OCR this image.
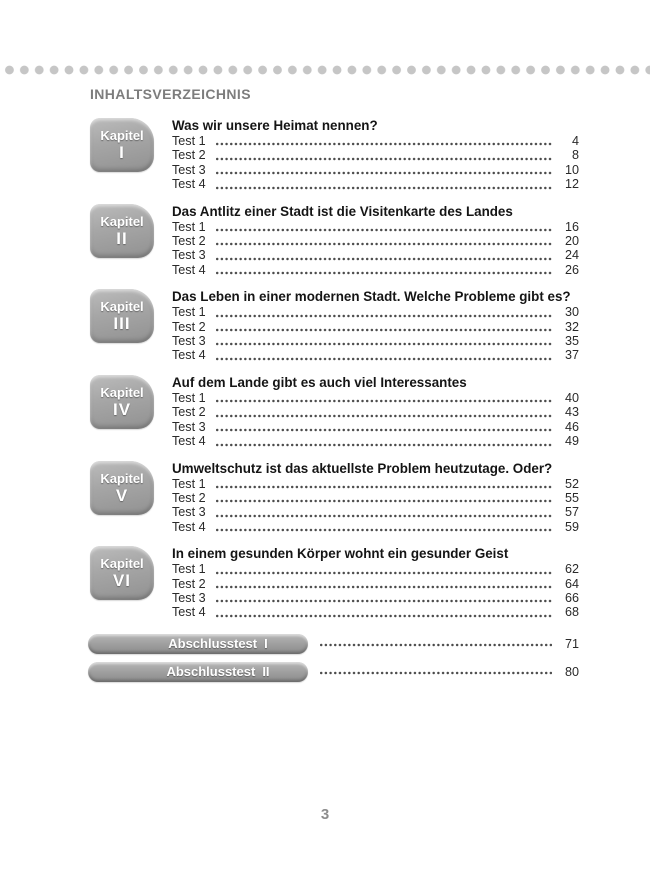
INHALTSVERZEICHNIS
Kapitel
I
Was wir unsere Heimat nennen?
Test 1	4
Test 2	8
Test 3	10
Test 4	12
Kapitel
II
Das Antlitz einer Stadt ist die Visitenkarte des Landes
Test 1	16
Test 2	20
Test 3	24
Test 4	26
Kapitel
III
Das Leben in einer modernen Stadt. Welche Probleme gibt es?
Test 1	30
Test 2	32
Test 3	35
Test 4	37
Kapitel
IV
Auf dem Lande gibt es auch viel Interessantes
Test 1	40
Test 2	43
Test 3	46
Test 4	49
Kapitel
V
Umweltschutz ist das aktuellste Problem heutzutage. Oder?
Test 1	52
Test 2	55
Test 3	57
Test 4	59
Kapitel
VI
In einem gesunden Körper wohnt ein gesunder Geist
Test 1	62
Test 2	64
Test 3	66
Test 4	68
Abschlusstest I	71
Abschlusstest II	80
3
